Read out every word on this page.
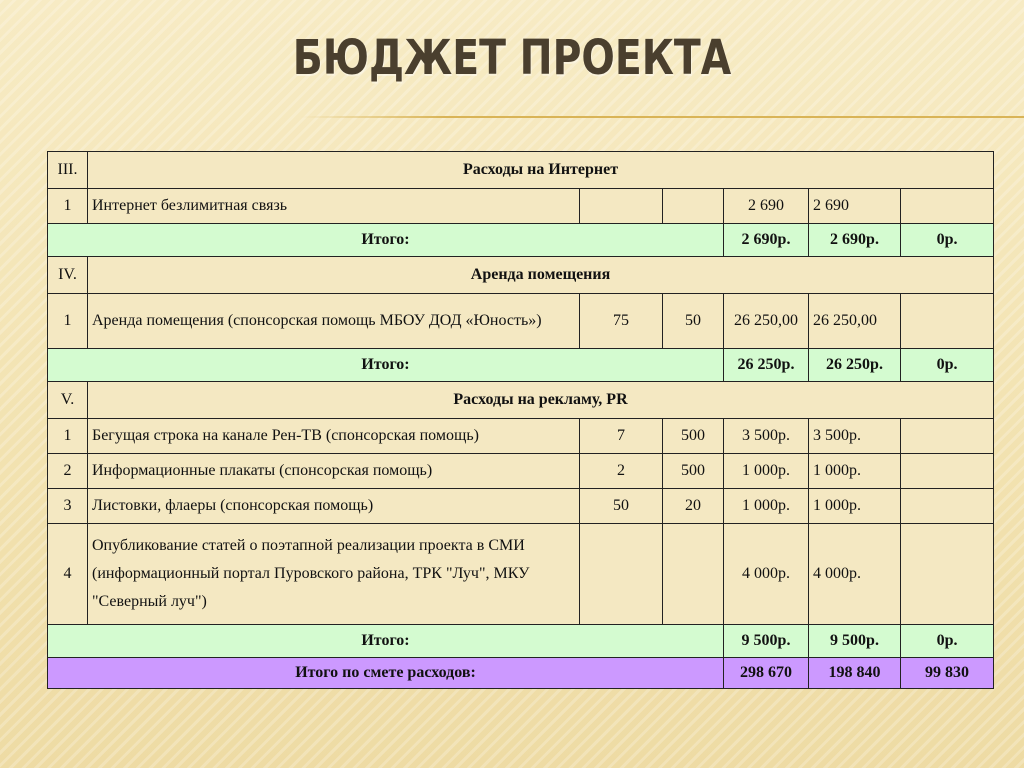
БЮДЖЕТ ПРОЕКТА
III.	Расходы на Интернет					
1	Интернет безлимитная связь			2 690	2 690	
Итого:				2 690р.	2 690р.	0р.
IV.	Аренда помещения					
1	Аренда помещения (спонсорская помощь МБОУ ДОД «Юность»)	75	50	26 250,00	26 250,00	
Итого:				26 250р.	26 250р.	0р.
V.	Расходы на рекламу, PR					
1	Бегущая строка на канале Рен-ТВ (спонсорская помощь)	7	500	3 500р.	3 500р.	
2	Информационные плакаты (спонсорская помощь)	2	500	1 000р.	1 000р.	
3	Листовки, флаеры (спонсорская помощь)	50	20	1 000р.	1 000р.	
4	Опубликование статей о поэтапной реализации проекта в СМИ (информационный портал Пуровского района, ТРК "Луч", МКУ "Северный луч")			4 000р.	4 000р.	
Итого:				9 500р.	9 500р.	0р.
Итого по смете расходов:				298 670	198 840	99 830
